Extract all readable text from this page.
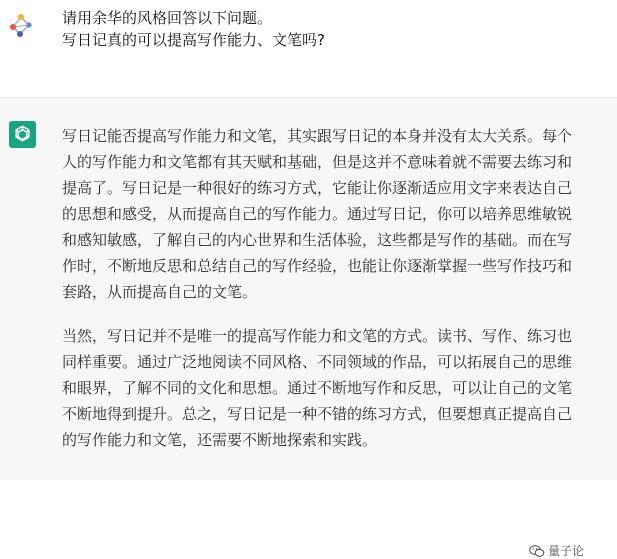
请用余华的风格回答以下问题。
写日记真的可以提高写作能力、文笔吗?

写日记能否提高写作能力和文笔，其实跟写日记的本身并没有太大关系。每个
人的写作能力和文笔都有其天赋和基础，但是这并不意味着就不需要去练习和
提高了。写日记是一种很好的练习方式，它能让你逐渐适应用文字来表达自己
的思想和感受，从而提高自己的写作能力。通过写日记，你可以培养思维敏锐
和感知敏感，了解自己的内心世界和生活体验，这些都是写作的基础。而在写
作时，不断地反思和总结自己的写作经验，也能让你逐渐掌握一些写作技巧和
套路，从而提高自己的文笔。

当然，写日记并不是唯一的提高写作能力和文笔的方式。读书、写作、练习也
同样重要。通过广泛地阅读不同风格、不同领域的作品，可以拓展自己的思维
和眼界，了解不同的文化和思想。通过不断地写作和反思，可以让自己的文笔
不断地得到提升。总之，写日记是一种不错的练习方式，但要想真正提高自己
的写作能力和文笔，还需要不断地探索和实践。

量子论
